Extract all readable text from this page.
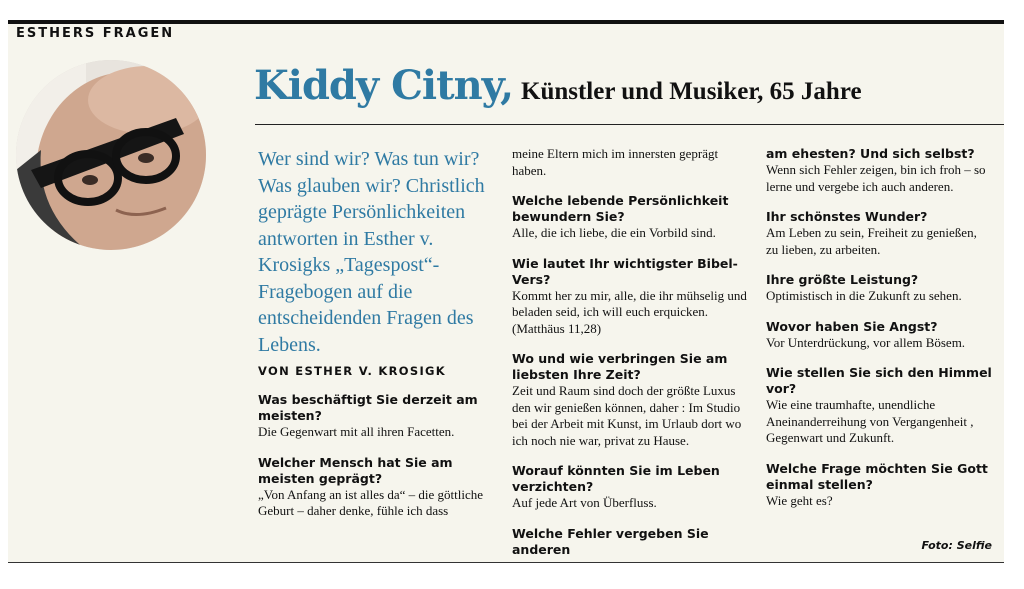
ESTHERS FRAGEN

Kiddy Citny, Künstler und Musiker, 65 Jahre

Wer sind wir? Was tun wir? Was glauben wir? Christlich geprägte Persönlichkeiten antworten in Esther v. Krosigks „Tagespost“-Fragebogen auf die entscheidenden Fragen des Lebens.

VON ESTHER V. KROSIGK

Was beschäftigt Sie derzeit am meisten?

Die Gegenwart mit all ihren Facetten.

Welcher Mensch hat Sie am meisten geprägt?

„Von Anfang an ist alles da“ – die göttliche Geburt – daher denke, fühle ich dass

meine Eltern mich im innersten geprägt haben.

Welche lebende Persönlichkeit bewundern Sie?

Alle, die ich liebe, die ein Vorbild sind.

Wie lautet Ihr wichtigster Bibel-Vers?

Kommt her zu mir, alle, die ihr mühselig und beladen seid, ich will euch erquicken. (Matthäus 11,28)

Wo und wie verbringen Sie am liebsten Ihre Zeit?

Zeit und Raum sind doch der größte Luxus den wir genießen können, daher : Im Studio bei der Arbeit mit Kunst, im Urlaub dort wo ich noch nie war, privat zu Hause.

Worauf könnten Sie im Leben verzichten?

Auf jede Art von Überfluss.

Welche Fehler vergeben Sie anderen

am ehesten? Und sich selbst?

Wenn sich Fehler zeigen, bin ich froh – so lerne und vergebe ich auch anderen.

Ihr schönstes Wunder?

Am Leben zu sein, Freiheit zu genießen, zu lieben, zu arbeiten.

Ihre größte Leistung?

Optimistisch in die Zukunft zu sehen.

Wovor haben Sie Angst?

Vor Unterdrückung, vor allem Bösem.

Wie stellen Sie sich den Himmel vor?

Wie eine traumhafte, unendliche Aneinanderreihung von Vergangenheit , Gegenwart und Zukunft.

Welche Frage möchten Sie Gott einmal stellen?

Wie geht es?

Foto: Selfie
